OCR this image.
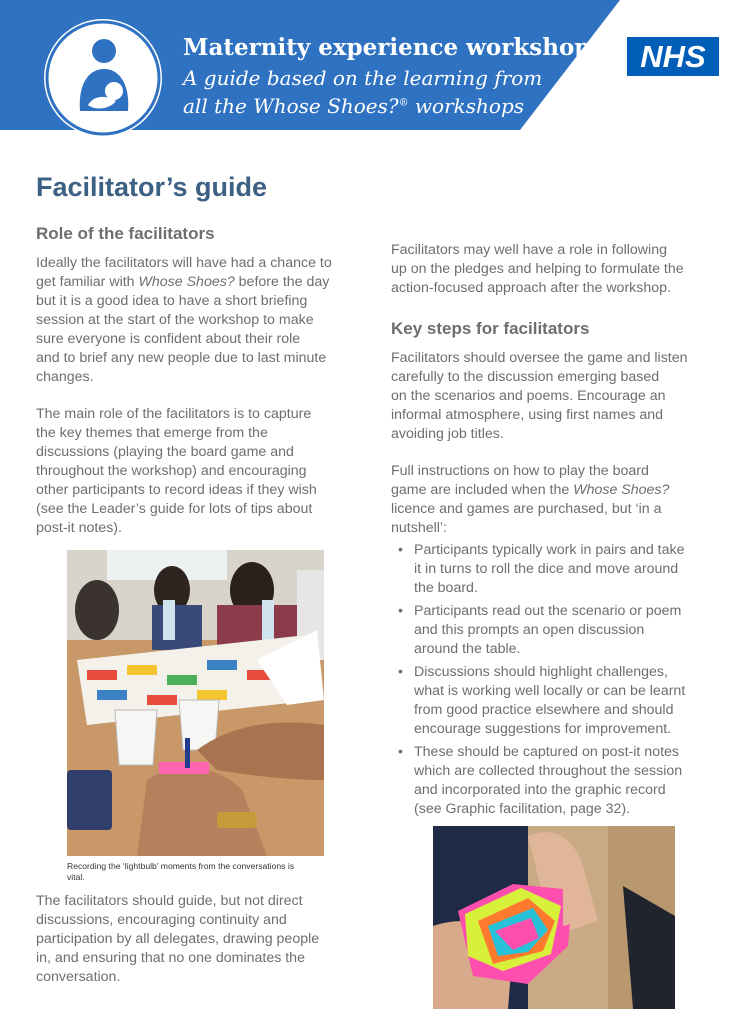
Maternity experience workshop
A guide based on the learning from
all the Whose Shoes?® workshops
NHS
Facilitator’s guide
Role of the facilitators
Ideally the facilitators will have had a chance to
get familiar with Whose Shoes? before the day
but it is a good idea to have a short briefing
session at the start of the workshop to make
sure everyone is confident about their role
and to brief any new people due to last minute
changes.
The main role of the facilitators is to capture
the key themes that emerge from the
discussions (playing the board game and
throughout the workshop) and encouraging
other participants to record ideas if they wish
(see the Leader’s guide for lots of tips about
post-it notes).
Recording the ‘lightbulb’ moments from the conversations is
vital.
The facilitators should guide, but not direct
discussions, encouraging continuity and
participation by all delegates, drawing people
in, and ensuring that no one dominates the
conversation.
Facilitators may well have a role in following
up on the pledges and helping to formulate the
action-focused approach after the workshop.
Key steps for facilitators
Facilitators should oversee the game and listen
carefully to the discussion emerging based
on the scenarios and poems. Encourage an
informal atmosphere, using first names and
avoiding job titles.
Full instructions on how to play the board
game are included when the Whose Shoes?
licence and games are purchased, but ‘in a
nutshell’:
• Participants typically work in pairs and take
it in turns to roll the dice and move around
the board.
• Participants read out the scenario or poem
and this prompts an open discussion
around the table.
• Discussions should highlight challenges,
what is working well locally or can be learnt
from good practice elsewhere and should
encourage suggestions for improvement.
• These should be captured on post-it notes
which are collected throughout the session
and incorporated into the graphic record
(see Graphic facilitation, page 32).
